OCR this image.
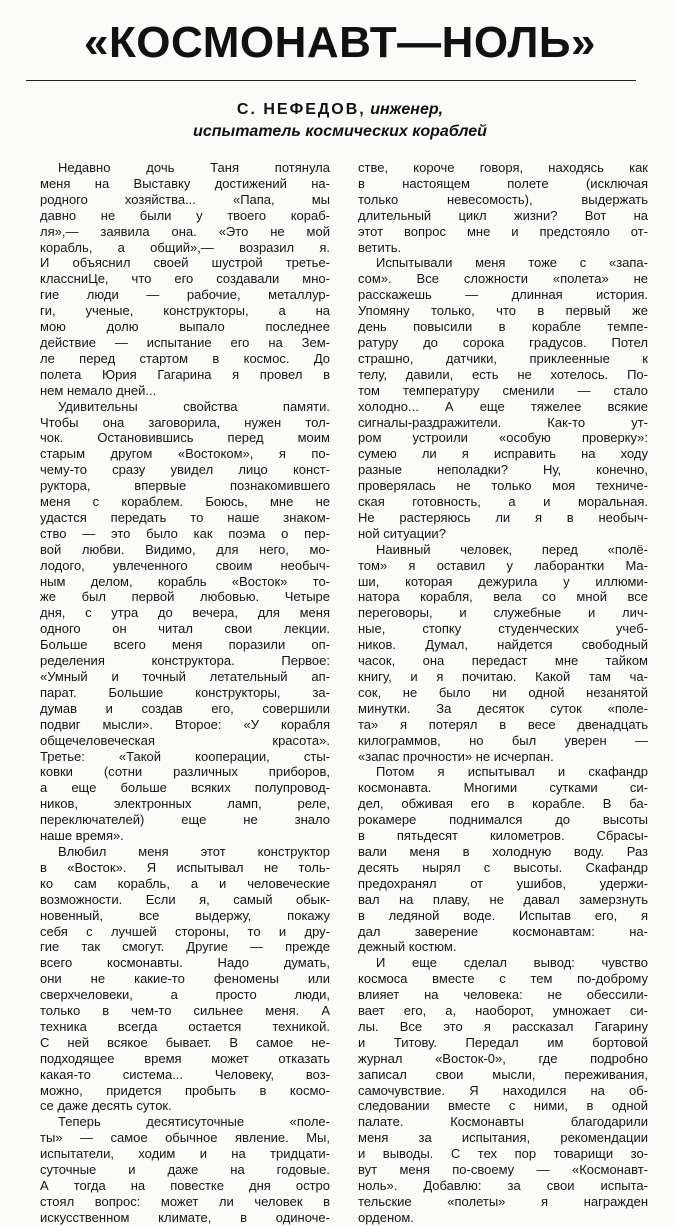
«КОСМОНАВТ—НОЛЬ»
С. НЕФЕДОВ, инженер,
испытатель космических кораблей
Недавно дочь Таня потянула
меня на Выставку достижений на-
родного хозяйства... «Папа, мы
давно не были у твоего кораб-
ля»,— заявила она. «Это не мой
корабль, а общий»,— возразил я.
И объяснил своей шустрой третье-
классниЦе, что его создавали мно-
гие люди — рабочие, металлур-
ги, ученые, конструкторы, а на
мою долю выпало последнее
действие — испытание его на Зем-
ле перед стартом в космос. До
полета Юрия Гагарина я провел в
нем немало дней...
Удивительны свойства памяти.
Чтобы она заговорила, нужен тол-
чок. Остановившись перед моим
старым другом «Востоком», я по-
чему-то сразу увидел лицо конст-
руктора, впервые познакомившего
меня с кораблем. Боюсь, мне не
удастся передать то наше знаком-
ство — это было как поэма о пер-
вой любви. Видимо, для него, мо-
лодого, увлеченного своим необыч-
ным делом, корабль «Восток» то-
же был первой любовью. Четыре
дня, с утра до вечера, для меня
одного он читал свои лекции.
Больше всего меня поразили оп-
ределения конструктора. Первое:
«Умный и точный летательный ап-
парат. Большие конструкторы, за-
думав и создав его, совершили
подвиг мысли». Второе: «У корабля
общечеловеческая красота».
Третье: «Такой кооперации, сты-
ковки (сотни различных приборов,
а еще больше всяких полупровод-
ников, электронных ламп, реле,
переключателей) еще не знало
наше время».
Влюбил меня этот конструктор
в «Восток». Я испытывал не толь-
ко сам корабль, а и человеческие
возможности. Если я, самый обык-
новенный, все выдержу, покажу
себя с лучшей стороны, то и дру-
гие так смогут. Другие — прежде
всего космонавты. Надо думать,
они не какие-то феномены или
сверхчеловеки, а просто люди,
только в чем-то сильнее меня. А
техника всегда остается техникой.
С ней всякое бывает. В самое не-
подходящее время может отказать
какая-то система... Человеку, воз-
можно, придется пробыть в космо-
се даже десять суток.
Теперь десятисуточные «поле-
ты» — самое обычное явление. Мы,
испытатели, ходим и на тридцати-
суточные и даже на годовые.
А тогда на повестке дня остро
стоял вопрос: может ли человек в
искусственном климате, в одиноче-
стве, короче говоря, находясь как
в настоящем полете (исключая
только невесомость), выдержать
длительный цикл жизни? Вот на
этот вопрос мне и предстояло от-
ветить.
Испытывали меня тоже с «запа-
сом». Все сложности «полета» не
расскажешь — длинная история.
Упомяну только, что в первый же
день повысили в корабле темпе-
ратуру до сорока градусов. Потел
страшно, датчики, приклеенные к
телу, давили, есть не хотелось. По-
том температуру сменили — стало
холодно... А еще тяжелее всякие
сигналы-раздражители. Как-то ут-
ром устроили «особую проверку»:
сумею ли я исправить на ходу
разные неполадки? Ну, конечно,
проверялась не только моя техниче-
ская готовность, а и моральная.
Не растеряюсь ли я в необыч-
ной ситуации?
Наивный человек, перед «полё-
том» я оставил у лаборантки Ма-
ши, которая дежурила у иллюми-
натора корабля, вела со мной все
переговоры, и служебные и лич-
ные, стопку студенческих учеб-
ников. Думал, найдется свободный
часок, она передаст мне тайком
книгу, и я почитаю. Какой там ча-
сок, не было ни одной незанятой
минутки. За десяток суток «поле-
та» я потерял в весе двенадцать
килограммов, но был уверен —
«запас прочности» не исчерпан.
Потом я испытывал и скафандр
космонавта. Многими сутками си-
дел, обживая его в корабле. В ба-
рокамере поднимался до высоты
в пятьдесят километров. Сбрасы-
вали меня в холодную воду. Раз
десять нырял с высоты. Скафандр
предохранял от ушибов, удержи-
вал на плаву, не давал замерзнуть
в ледяной воде. Испытав его, я
дал заверение космонавтам: на-
дежный костюм.
И еще сделал вывод: чувство
космоса вместе с тем по-доброму
влияет на человека: не обессили-
вает его, а, наоборот, умножает си-
лы. Все это я рассказал Гагарину
и Титову. Передал им бортовой
журнал «Восток-0», где подробно
записал свои мысли, переживания,
самочувствие. Я находился на об-
следовании вместе с ними, в одной
палате. Космонавты благодарили
меня за испытания, рекомендации
и выводы. С тех пор товарищи зо-
вут меня по-своему — «Космонавт-
ноль». Добавлю: за свои испыта-
тельские «полеты» я награжден
орденом.
